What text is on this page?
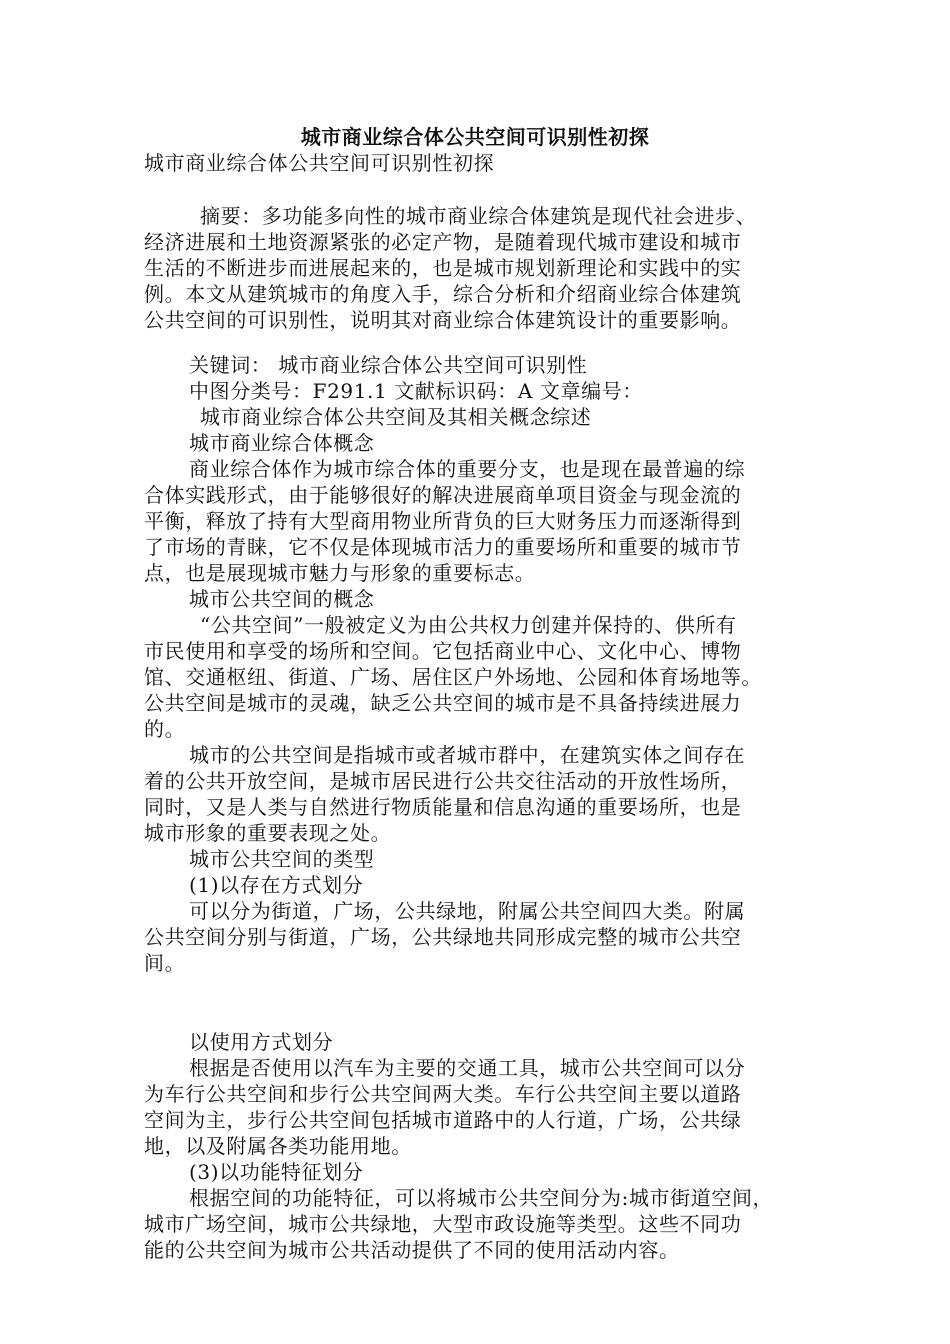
城市商业综合体公共空间可识别性初探
城市商业综合体公共空间可识别性初探
摘要：多功能多向性的城市商业综合体建筑是现代社会进步、
经济进展和土地资源紧张的必定产物，是随着现代城市建设和城市
生活的不断进步而进展起来的，也是城市规划新理论和实践中的实
例。本文从建筑城市的角度入手，综合分析和介绍商业综合体建筑
公共空间的可识别性，说明其对商业综合体建筑设计的重要影响。
关键词： 城市商业综合体公共空间可识别性
中图分类号：F291.1 文献标识码：A 文章编号：
城市商业综合体公共空间及其相关概念综述
城市商业综合体概念
商业综合体作为城市综合体的重要分支，也是现在最普遍的综
合体实践形式，由于能够很好的解决进展商单项目资金与现金流的
平衡，释放了持有大型商用物业所背负的巨大财务压力而逐渐得到
了市场的青睐，它不仅是体现城市活力的重要场所和重要的城市节
点，也是展现城市魅力与形象的重要标志。
城市公共空间的概念
“公共空间”一般被定义为由公共权力创建并保持的、供所有
市民使用和享受的场所和空间。它包括商业中心、文化中心、博物
馆、交通枢纽、街道、广场、居住区户外场地、公园和体育场地等。
公共空间是城市的灵魂，缺乏公共空间的城市是不具备持续进展力
的。
城市的公共空间是指城市或者城市群中，在建筑实体之间存在
着的公共开放空间，是城市居民进行公共交往活动的开放性场所，
同时，又是人类与自然进行物质能量和信息沟通的重要场所，也是
城市形象的重要表现之处。
城市公共空间的类型
(1)以存在方式划分
可以分为街道，广场，公共绿地，附属公共空间四大类。附属
公共空间分别与街道，广场，公共绿地共同形成完整的城市公共空
间。
以使用方式划分
根据是否使用以汽车为主要的交通工具，城市公共空间可以分
为车行公共空间和步行公共空间两大类。车行公共空间主要以道路
空间为主，步行公共空间包括城市道路中的人行道，广场，公共绿
地，以及附属各类功能用地。
(3)以功能特征划分
根据空间的功能特征，可以将城市公共空间分为:城市街道空间，
城市广场空间，城市公共绿地，大型市政设施等类型。这些不同功
能的公共空间为城市公共活动提供了不同的使用活动内容。
